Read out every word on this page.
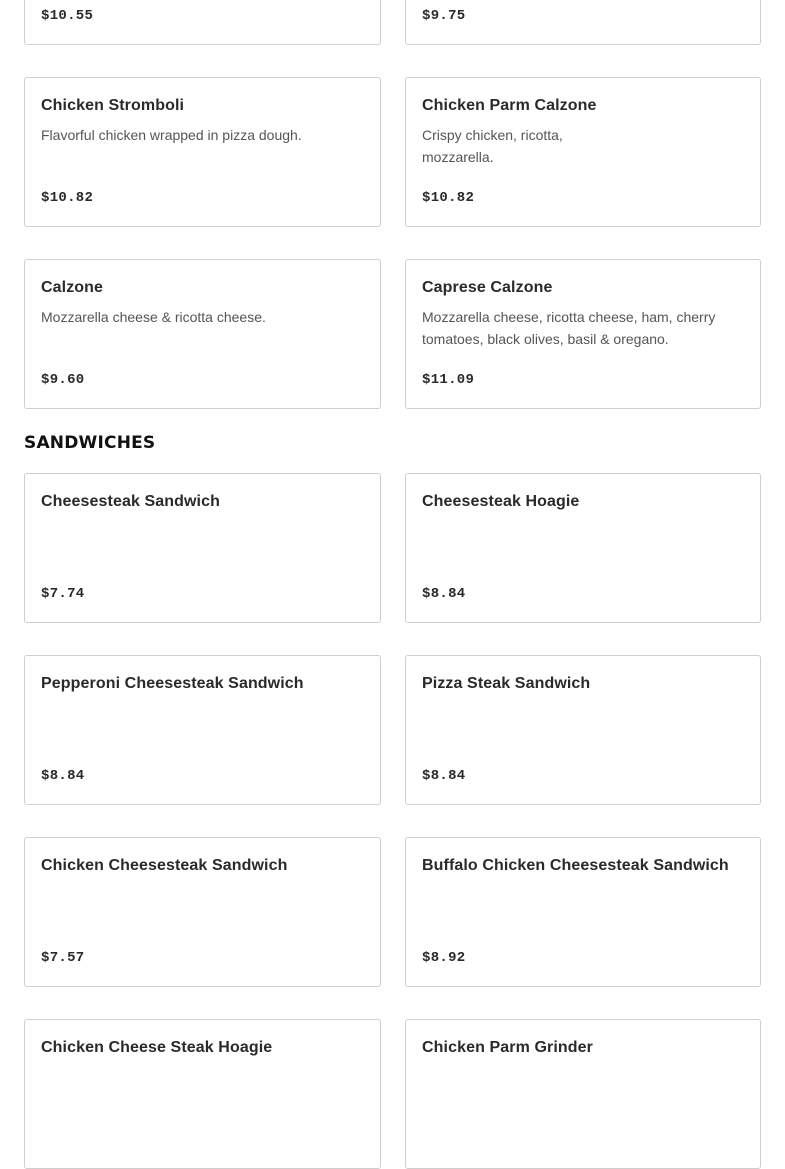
$10.55	$9.75
Chicken Stromboli
Flavorful chicken wrapped in pizza dough.
$10.82
Chicken Parm Calzone
Crispy chicken, ricotta, mozzarella.
$10.82
Calzone
Mozzarella cheese & ricotta cheese.
$9.60
Caprese Calzone
Mozzarella cheese, ricotta cheese, ham, cherry tomatoes, black olives, basil & oregano.
$11.09
SANDWICHES
Cheesesteak Sandwich
$7.74
Cheesesteak Hoagie
$8.84
Pepperoni Cheesesteak Sandwich
$8.84
Pizza Steak Sandwich
$8.84
Chicken Cheesesteak Sandwich
$7.57
Buffalo Chicken Cheesesteak Sandwich
$8.92
Chicken Cheese Steak Hoagie	Chicken Parm Grinder
